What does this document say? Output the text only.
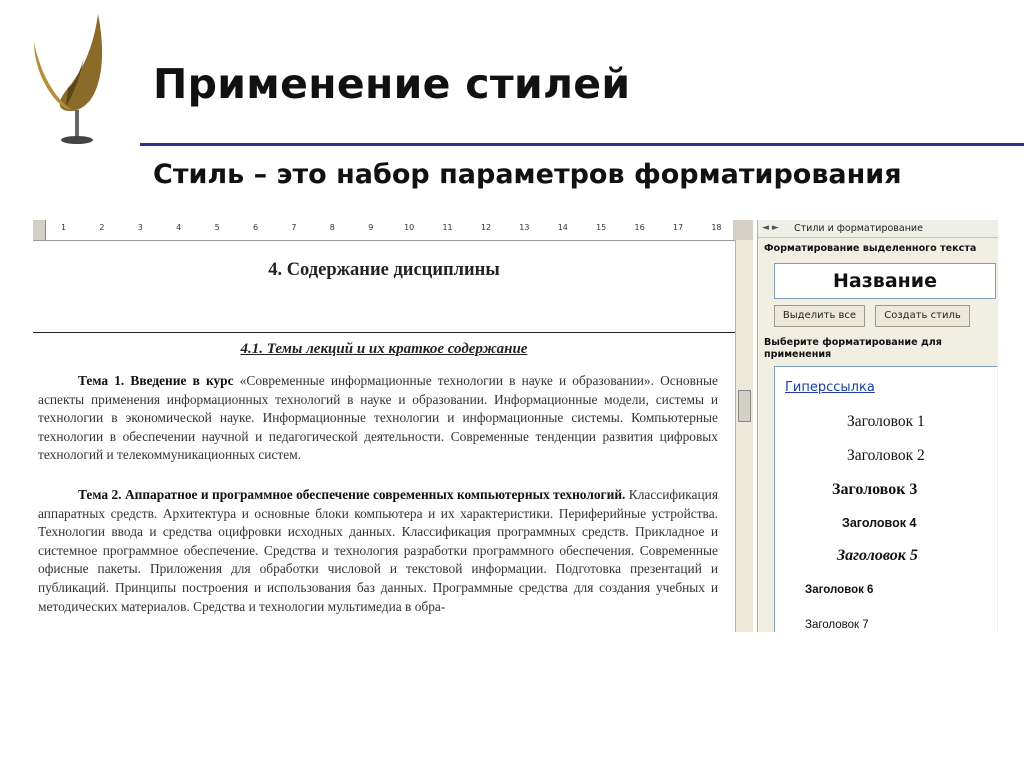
Применение стилей
Стиль – это набор параметров форматирования
1	2	3	4	5	6	7	8	9	10	11	12	13	14	15	16	17	18
4. Содержание дисциплины
4.1. Темы лекций и их краткое содержание
Тема 1. Введение в курс «Современные информационные технологии в науке и образовании». Основные аспекты применения информационных технологий в науке и образовании. Информационные модели, системы и технологии в экономической науке. Информационные технологии и информационные системы. Компьютерные технологии в обеспечении научной и педагогической деятельности. Современные тенденции развития цифровых технологий и телекоммуникационных систем.
Тема 2. Аппаратное и программное обеспечение современных компьютерных технологий. Классификация аппаратных средств. Архитектура и основные блоки компьютера и их характеристики. Периферийные устройства. Технологии ввода и средства оцифровки исходных данных. Классификация программных средств. Прикладное и системное программное обеспечение. Средства и технология разработки программного обеспечения. Современные офисные пакеты. Приложения для обработки числовой и текстовой информации. Подготовка презентаций и публикаций. Принципы построения и использования баз данных. Программные средства для создания учебных и методических материалов. Средства и технологии мультимедиа в обра-
◄►	Стили и форматирование
Форматирование выделенного текста
Название
Выделить все	Создать стиль
Выберите форматирование для применения
Гиперссылка
Заголовок 1
Заголовок 2
Заголовок 3
Заголовок 4
Заголовок 5
Заголовок 6
Заголовок 7
